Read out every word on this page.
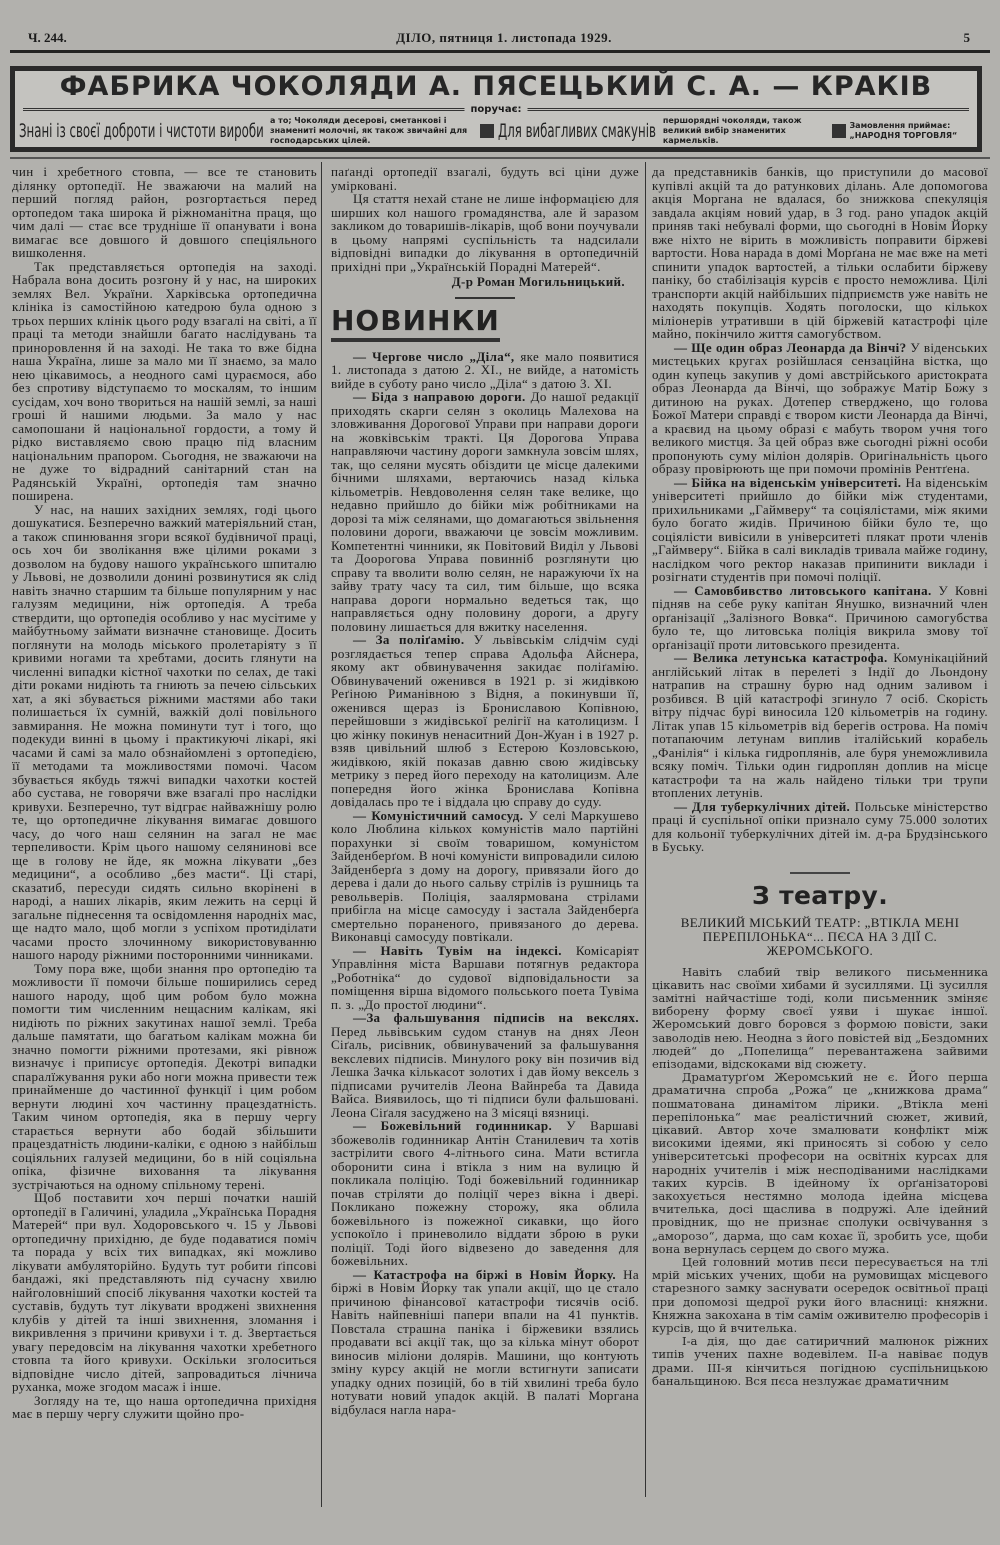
Ч. 244.	ДІЛО, пятниця 1. листопада 1929.	5
ФАБРИКА ЧОКОЛЯДИ А. ПЯСЕЦЬКИЙ С. А. — КРАКІВ
поручає:
Знані із своєї доброти і чистоти вироби а то; Чоколяди десерові, сметанкові і знамениті молочні, як також звичайні для господарських цілей.	Для вибагливих смакунів першорядні чоколяди, також великий вибір знаменитих кармельків.
Замовлення приймає: „НАРОДНЯ ТОРГОВЛЯ“

чин і хребетного стовпа, — все те становить ділянку ортопедії. Не зважаючи на малий на перший погляд район, розгортається перед ортопедом така широка й ріжноманітна праця, що чим далі — стає все трудніше її опанувати і вона вимагає все довшого й довшого спеціяльного вишколення.

Так представляється ортопедія на заході. Набрала вона досить розгону й у нас, на широких землях Вел. України. Харківська ортопедична клініка із самостійною катедрою була одною з трьох перших клінік цього роду взагалі на світі, а її праці та методи знайшли багато наслідувань та приноровлення й на заході. Не така то вже бідна наша Україна, лише за мало ми її знаємо, за мало нею цікавимось, а неодного самі цураємося, або без спротиву відступаємо то москалям, то іншим сусідам, хоч воно твориться на нашій землі, за наші гроші й нашими людьми. За мало у нас самопошани й національної гордости, а тому й рідко виставляємо свою працю під власним національним прапором. Сьогодня, не зважаючи на не дуже то відрадний санітарний стан на Радянській Україні, ортопедія там значно поширена.

У нас, на наших західних землях, годі цього дошукатися. Безперечно важкий матеріяльний стан, а також спинювання згори всякої будівничої праці, ось хоч би зволікання вже цілими роками з дозволом на будову нашого українського шпиталю у Львові, не дозволили донині розвинутися як слід навіть значно старшим та більше популярним у нас галузям медицини, ніж ортопедія. А треба ствердити, що ортопедія особливо у нас мусітиме у майбутньому займати визначне становище. Досить поглянути на молодь міського пролетаріяту з її кривими ногами та хребтами, досить глянути на численні випадки кістної чахотки по селах, де такі діти роками нидіють та гниють за печею сільських хат, а які збувається ріжними мастями або таки полишається їх сумній, важкій долі повільного завмирання. Не можна поминути тут і того, що подекуди винні в цьому і практикуючі лікарі, які часами й самі за мало обзнайомлені з ортопедією, її методами та можливостями помочі. Часом збувається якбудь тяжчі випадки чахотки костей або сустава, не говорячи вже взагалі про наслідки кривухи. Безперечно, тут відграє найважнішу ролю те, що ортопедичне лікування вимагає довшого часу, до чого наш селянин на загал не має терпеливости. Крім цього нашому селянинові все ще в голову не йде, як можна лікувати „без медицини“, а особливо „без масти“. Ці старі, сказатиб, пересуди сидять сильно вкорінені в народі, а наших лікарів, яким лежить на серці й загальне піднесення та освідомлення народніх мас, ще надто мало, щоб могли з успіхом протиділати часами просто злочинному використовуванню нашого народу ріжними посторонними чинниками.

Тому пора вже, щоби знання про ортопедію та можливости її помочи більше поширились серед нашого народу, щоб цим робом було можна помогти тим численним нещасним калікам, які нидіють по ріжних закутинах нашої землі. Треба дальше памятати, що багатьом калікам можна би значно помогти ріжними протезами, які рівнож визначує і приписує ортопедія. Декотрі випадки спаралїжування руки або ноги можна привести теж принайменше до частинної функції і цим робом вернути людині хоч частинну працездатність. Таким чином ортопедія, яка в першу чергу старається вернути або бодай збільшити працездатність людини-каліки, є одною з найбільш соціяльних галузей медицини, бо в ній соціяльна опіка, фізичне виховання та лікування зустрічаються на одному спільному терені.

Щоб поставити хоч перші початки нашій ортопедії в Галичині, уладила „Українська Порадня Матерей“ при вул. Ходоровського ч. 15 у Львові ортопедичну прихідню, де буде подаватися поміч та порада у всіх тих випадках, які можливо лікувати амбуляторійно. Будуть тут робити ґіпсові бандажі, які представляють під сучасну хвилю найголовніший спосіб лікування чахотки костей та суставів, будуть тут лікувати вроджені звихнення клубів у дітей та інші звихнення, зломання і викривлення з причини кривухи і т. д. Звертається увагу передовсім на лікування чахотки хребетного стовпа та його кривухи. Оскільки зголоситься відповідне число дітей, запровадиться лічнича руханка, може згодом масаж і інше.

Зогляду на те, що наша ортопедична прихідня має в першу чергу служити щойно про-

паґанді ортопедії взагалі, будуть всі ціни дуже умірковані.

Ця стаття нехай стане не лише інформацією для ширших кол нашого громадянства, але й заразом закликом до товаришів-лікарів, щоб вони поучували в цьому напрямі суспільність та надсилали відповідні випадки до лікування в ортопедичній прихідні при „Українській Порадні Матерей“.

Д-р Роман Могильницький.
НОВИНКИ

— Чергове число „Діла“, яке мало появитися 1. листопада з датою 2. XI., не вийде, а натомість вийде в суботу рано число „Діла“ з датою 3. XI.

— Біда з направою дороги. До нашої редакції приходять скарги селян з околиць Малехова на зловживання Дорогової Управи при направи дороги на жовківськім тракті. Ця Дорогова Управа направляючи частину дороги замкнула зовсім шлях, так, що селяни мусять обіздити це місце далекими бічними шляхами, вертаючись назад кілька кільометрів. Невдоволення селян таке велике, що недавно прийшло до бійки між робітниками на дорозі та між селянами, що домагаються звільнення половини дороги, вважаючи це зовсім можливим. Компетентні чинники, як Повітовий Виділ у Львові та Доорогова Управа повинніб розглянути цю справу та вволити волю селян, не наражуючи їх на зайву трату часу та сил, тим більше, що всяка направа дороги нормально ведеться так, що направляється одну половину дороги, а другу половину лишається для вжитку населення.

— За поліґамію. У львівськім слідчім суді розглядається тепер справа Адольфа Айснера, якому акт обвинувачення закидає поліґамію. Обвинувачений оженився в 1921 р. зі жидівкою Реґіною Риманівною з Відня, а покинувши її, оженився щераз із Брониславою Копівною, перейшовши з жидівської релігії на католицизм. І цю жінку покинув ненаситний Дон-Жуан і в 1927 р. взяв цивільний шлюб з Естерою Козловською, жидівкою, якій показав давню свою жидівську метрику з перед його переходу на католицизм. Але попередня його жінка Бронислава Копівна довідалась про те і віддала цю справу до суду.

— Комуністичний самосуд. У селі Маркушево коло Люблина кількох комуністів мало партійні порахунки зі своїм товаришом, комуністом Зайденберґом. В ночі комуністи випровадили силою Зайденберґа з дому на дорогу, привязали його до дерева і дали до нього сальву стрілів із рушниць та револьверів. Поліція, заалярмована стрілами прибігла на місце самосуду і застала Зайденберґа смертельно пораненого, привязаного до дерева. Виконавці самосуду повтікали.

— Навіть Тувім на індексі. Комісаріят Управління міста Варшави потягнув редактора „Роботніка“ до судової відповідальности за поміщення вірша відомого польського поета Тувіма п. з. „До простої людини“.

—За фальшування підписів на векслях. Перед львівським судом станув на днях Леон Сіґаль, рисівник, обвинувачений за фальшування векслевих підписів. Минулого року він позичив від Лешка Зачка кількасот золотих і дав йому вексель з підписами ручителів Леона Вайнреба та Давида Вайса. Виявилось, що ті підписи були фальшовані. Леона Сіґаля засуджено на 3 місяці вязниці.

— Божевільний годинникар. У Варшаві збожеволів годинникар Антін Станилевич та хотів застрілити свого 4-літнього сина. Мати встигла оборонити сина і втікла з ним на вулицю й покликала поліцію. Тоді божевільний годинникар почав стріляти до поліції через вікна і двері. Покликано пожежну сторожу, яка облила божевільного із пожежної сикавки, що його успокоїло і приневолило віддати зброю в руки поліції. Тоді його відвезено до заведення для божевільних.

— Катастрофа на біржі в Новім Йорку. На біржі в Новім Йорку так упали акції, що це стало причиною фінансової катастрофи тисячів осіб. Навіть найпевніші папери впали на 41 пунктів. Повстала страшна паніка і біржевики взялись продавати всі акції так, що за кілька мінут оборот виносив міліони долярів. Машини, що контують зміну курсу акцій не могли встигнути записати упадку одних позицій, бо в тій хвилині треба було нотувати новий упадок акцій. В палаті Моргана відбулася нагла нара-

да представників банків, що приступили до масової купівлі акцій та до ратункових ділань. Але допомогова акція Моргана не вдалася, бо знижкова спекуляція завдала акціям новий удар, в 3 год. рано упадок акцій приняв такі небувалі форми, що сьогодні в Новім Йорку вже ніхто не вірить в можливість поправити біржеві вартости. Нова нарада в домі Морґана не має вже на меті спинити упадок вартостей, а тільки ослабити біржеву паніку, бо стабілізація курсів є просто неможлива. Цілі транспорти акцій найбільших підприємств уже навіть не находять покупців. Ходять поголоски, що кількох міліонерів утративши в цій біржевій катастрофі ціле майно, покінчило життя самогубством.

— Ще один образ Леонарда да Вінчі? У віденських мистецьких кругах розійшлася сензаційна вістка, що один купець закупив у домі австрійського аристократа образ Леонарда да Вінчі, що зображує Матір Божу з дитиною на руках. Дотепер стверджено, що голова Божої Матери справді є твором кисти Леонарда да Вінчі, а краєвид на цьому образі є мабуть твором учня того великого мистця. За цей образ вже сьогодні ріжні особи пропонують суму міліон долярів. Оригінальність цього образу провірюють ще при помочи промінів Рентґена.

— Бійка на віденськім університеті. На віденськім університеті прийшло до бійки між студентами, прихильниками „Гаймверу“ та соціялістами, між якими було богато жидів. Причиною бійки було те, що соціялісти вивісили в університеті плякат проти членів „Гаймверу“. Бійка в салі викладів тривала майже годину, наслідком чого ректор наказав припинити виклади і розігнати студентів при помочі поліції.

— Самовбивство литовського капітана. У Ковні підняв на себе руку капітан Янушко, визначний член орґанізації „Залізного Вовка“. Причиною самогубства було те, що литовська поліція викрила змову тої орґанізації проти литовського президента.

— Велика летунська катастрофа. Комунікаційний англійський літак в перелеті з Індії до Льондону натрапив на страшну бурю над одним заливом і розбився. В цій катастрофі згинуло 7 осіб. Скорість вітру підчас бурі виносила 120 кільометрів на годину. Літак упав 15 кільометрів від берегів острова. На поміч потапаючим летунам виплив італійський корабель „Фанілія“ і кілька гидроплянів, але буря унеможливила всяку поміч. Тільки один гидроплян доплив на місце катастрофи та на жаль найдено тільки три трупи втоплених летунів.

— Для туберкулічних дітей. Польське міністерство праці й суспільної опіки признало суму 75.000 золотих для кольонії туберкулічних дітей ім. д-ра Брудзінського в Буську.

З театру.
ВЕЛИКИЙ МІСЬКИЙ ТЕАТР: „ВТІКЛА МЕНІ ПЕРЕПІЛОНЬКА“... ПЄСА НА 3 ДІЇ С. ЖЕРОМСЬКОГО.

Навіть слабий твір великого письменника цікавить нас своїми хибами й зусиллями. Ці зусилля замітні найчастіше тоді, коли письменник зміняє виборену форму своєї уяви і шукає іншої. Жеромський довго боровся з формою повісти, заки заволодів нею. Неодна з його повістей від „Бездомних людей“ до „Попелища“ перевантажена зайвими епізодами, відскоками від сюжету.

Драматурґом Жеромський не є. Його перша драматична спроба „Рожа“ це „книжкова драма“ пошматована динамітом лірики. „Втікла мені перепілонька“ має реалістичний сюжет, живий, цікавий. Автор хоче змалювати конфлікт між високими ідеями, які приносять зі собою у село університетські професори на освітніх курсах для народніх учителів і між несподіваними наслідками таких курсів. В ідейному їх орґанізаторові закохується нестямно молода ідейна місцева вчителька, досі щаслива в подружі. Але ідейний провідник, що не признає сполуки освічування з „аморозо“, дарма, що сам кохає її, зробить усе, щоби вона вернулась серцем до свого мужа.

Цей головний мотив пєси пересувається на тлі мрій міських учених, щоби на румовищах місцевого старезного замку заснувати осередок освітньої праці при допомозі щедрої руки його власниці: княжни. Княжна закохана в тім самім оживителю професорів і курсів, що й вчителька.

І-а дія, що дає сатиричний малюнок ріжних типів учених пахне водевілем. ІІ-а навіває подув драми. ІІІ-я кінчиться погідною суспільницькою банальщиною. Вся пєса незлужає драматичним
